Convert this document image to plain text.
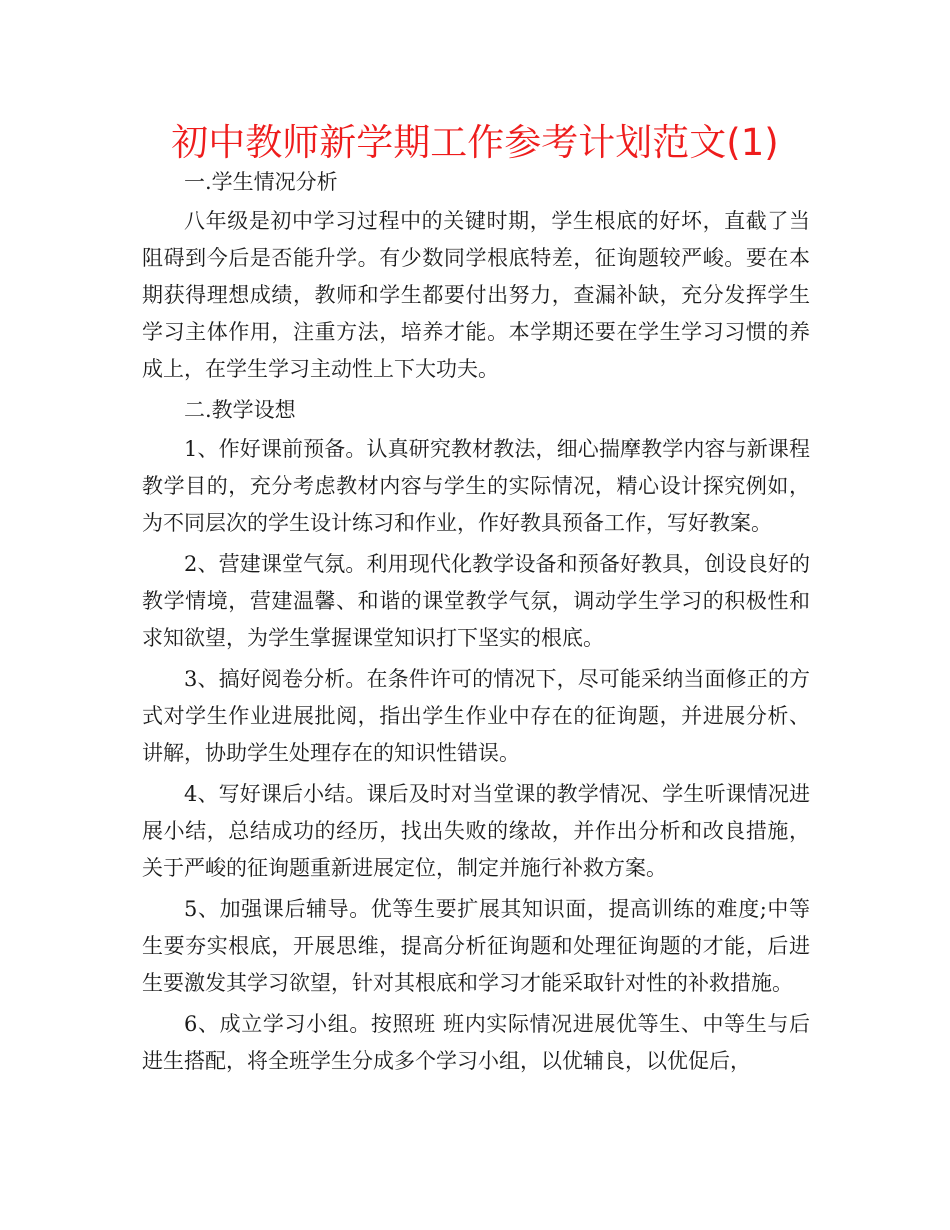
初中教师新学期工作参考计划范文(1)
一.学生情况分析

八年级是初中学习过程中的关键时期，学生根底的好坏，直截了当阻碍到今后是否能升学。有少数同学根底特差，征询题较严峻。要在本期获得理想成绩，教师和学生都要付出努力，查漏补缺，充分发挥学生学习主体作用，注重方法，培养才能。本学期还要在学生学习习惯的养成上，在学生学习主动性上下大功夫。

二.教学设想

1、作好课前预备。认真研究教材教法，细心揣摩教学内容与新课程教学目的，充分考虑教材内容与学生的实际情况，精心设计探究例如，为不同层次的学生设计练习和作业，作好教具预备工作，写好教案。

2、营建课堂气氛。利用现代化教学设备和预备好教具，创设良好的教学情境，营建温馨、和谐的课堂教学气氛，调动学生学习的积极性和求知欲望，为学生掌握课堂知识打下坚实的根底。

3、搞好阅卷分析。在条件许可的情况下，尽可能采纳当面修正的方式对学生作业进展批阅，指出学生作业中存在的征询题，并进展分析、讲解，协助学生处理存在的知识性错误。

4、写好课后小结。课后及时对当堂课的教学情况、学生听课情况进展小结，总结成功的经历，找出失败的缘故，并作出分析和改良措施，关于严峻的征询题重新进展定位，制定并施行补救方案。

5、加强课后辅导。优等生要扩展其知识面，提高训练的难度;中等生要夯实根底，开展思维，提高分析征询题和处理征询题的才能，后进生要激发其学习欲望，针对其根底和学习才能采取针对性的补救措施。

6、成立学习小组。按照班 班内实际情况进展优等生、中等生与后进生搭配，将全班学生分成多个学习小组，以优辅良，以优促后，
